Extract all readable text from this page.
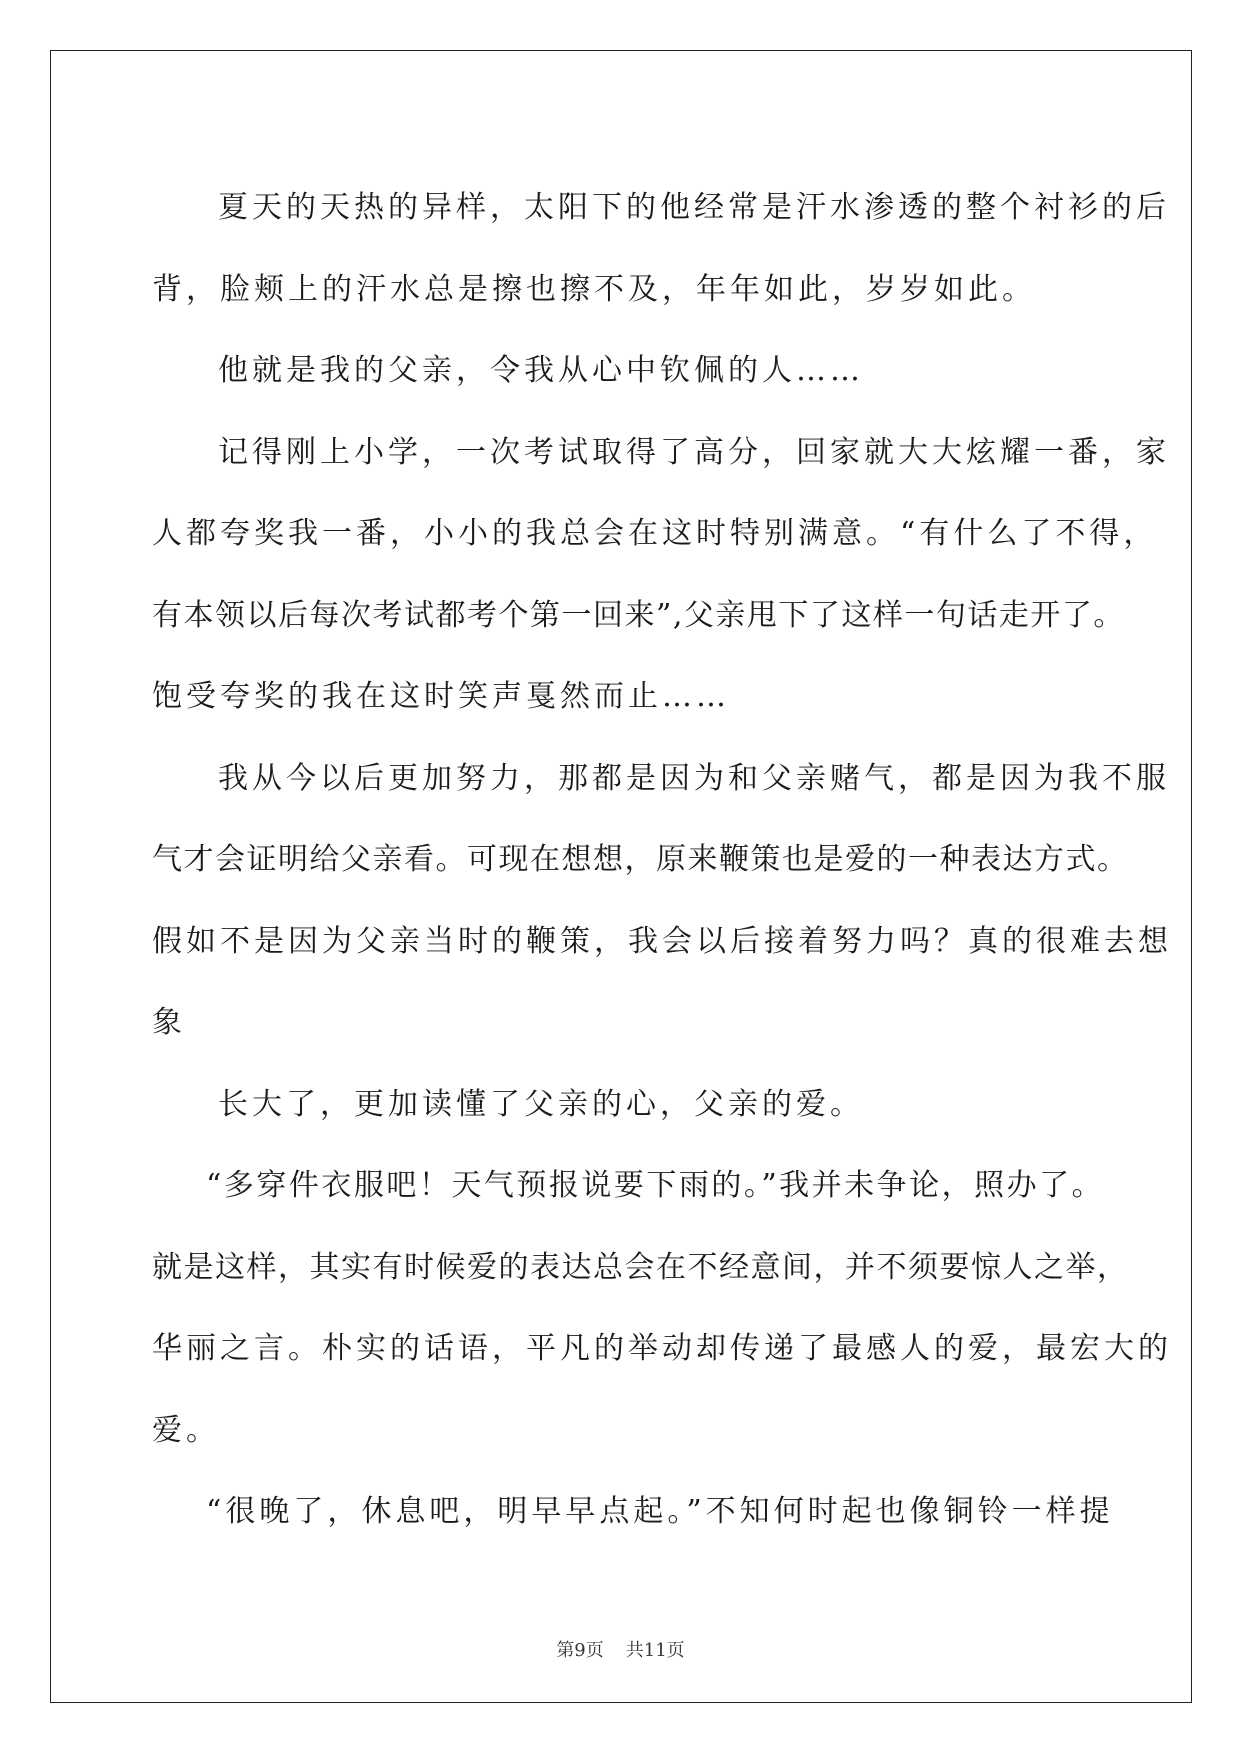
夏天的天热的异样，太阳下的他经常是汗水渗透的整个衬衫的后
背，脸颊上的汗水总是擦也擦不及，年年如此，岁岁如此。
他就是我的父亲，令我从心中钦佩的人……
记得刚上小学，一次考试取得了高分，回家就大大炫耀一番，家
人都夸奖我一番，小小的我总会在这时特别满意。“有什么了不得，
有本领以后每次考试都考个第一回来”,父亲甩下了这样一句话走开了。
饱受夸奖的我在这时笑声戛然而止……
我从今以后更加努力，那都是因为和父亲赌气，都是因为我不服
气才会证明给父亲看。可现在想想，原来鞭策也是爱的一种表达方式。
假如不是因为父亲当时的鞭策，我会以后接着努力吗？真的很难去想
象
长大了，更加读懂了父亲的心，父亲的爱。
“多穿件衣服吧！天气预报说要下雨的。”我并未争论，照办了。
就是这样，其实有时候爱的表达总会在不经意间，并不须要惊人之举，
华丽之言。朴实的话语，平凡的举动却传递了最感人的爱，最宏大的
爱。
“很晚了，休息吧，明早早点起。”不知何时起也像铜铃一样提
第9页 共11页
